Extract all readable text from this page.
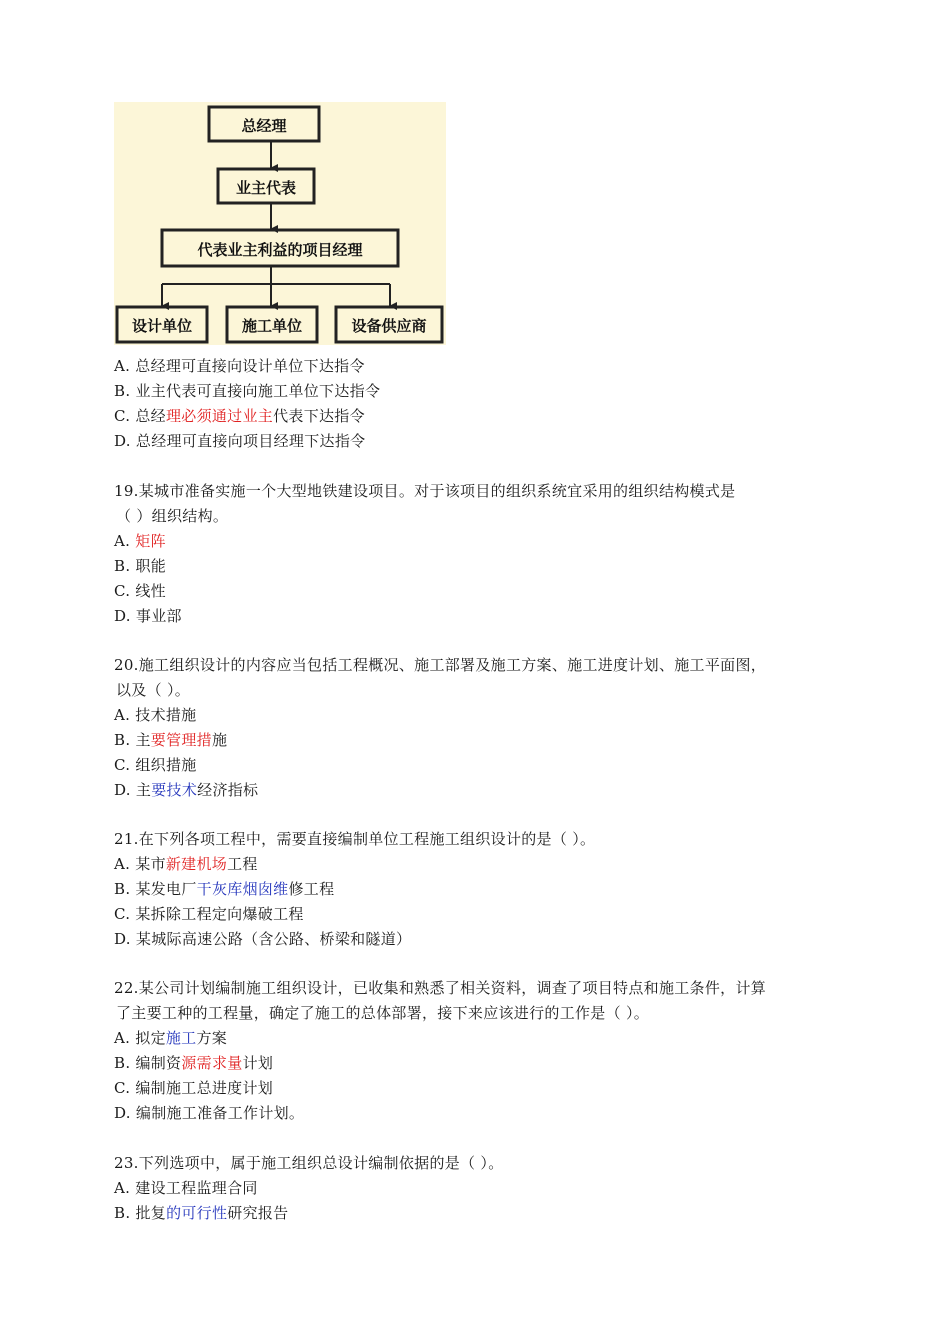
总经理
业主代表
代表业主利益的项目经理
设计单位	施工单位	设备供应商
A. 总经理可直接向设计单位下达指令
B. 业主代表可直接向施工单位下达指令
C. 总经理必须通过业主代表下达指令
D. 总经理可直接向项目经理下达指令
19.某城市准备实施一个大型地铁建设项目。对于该项目的组织系统宜采用的组织结构模式是
（ ）组织结构。
A. 矩阵
B. 职能
C. 线性
D. 事业部
20.施工组织设计的内容应当包括工程概况、施工部署及施工方案、施工进度计划、施工平面图，
以及（ ）。
A. 技术措施
B. 主要管理措施
C. 组织措施
D. 主要技术经济指标
21.在下列各项工程中，需要直接编制单位工程施工组织设计的是（ ）。
A. 某市新建机场工程
B. 某发电厂干灰库烟囱维修工程
C. 某拆除工程定向爆破工程
D. 某城际高速公路（含公路、桥梁和隧道）
22.某公司计划编制施工组织设计，已收集和熟悉了相关资料，调查了项目特点和施工条件，计算
了主要工种的工程量，确定了施工的总体部署，接下来应该进行的工作是（ ）。
A. 拟定施工方案
B. 编制资源需求量计划
C. 编制施工总进度计划
D. 编制施工准备工作计划。
23.下列选项中，属于施工组织总设计编制依据的是（ ）。
A. 建设工程监理合同
B. 批复的可行性研究报告
